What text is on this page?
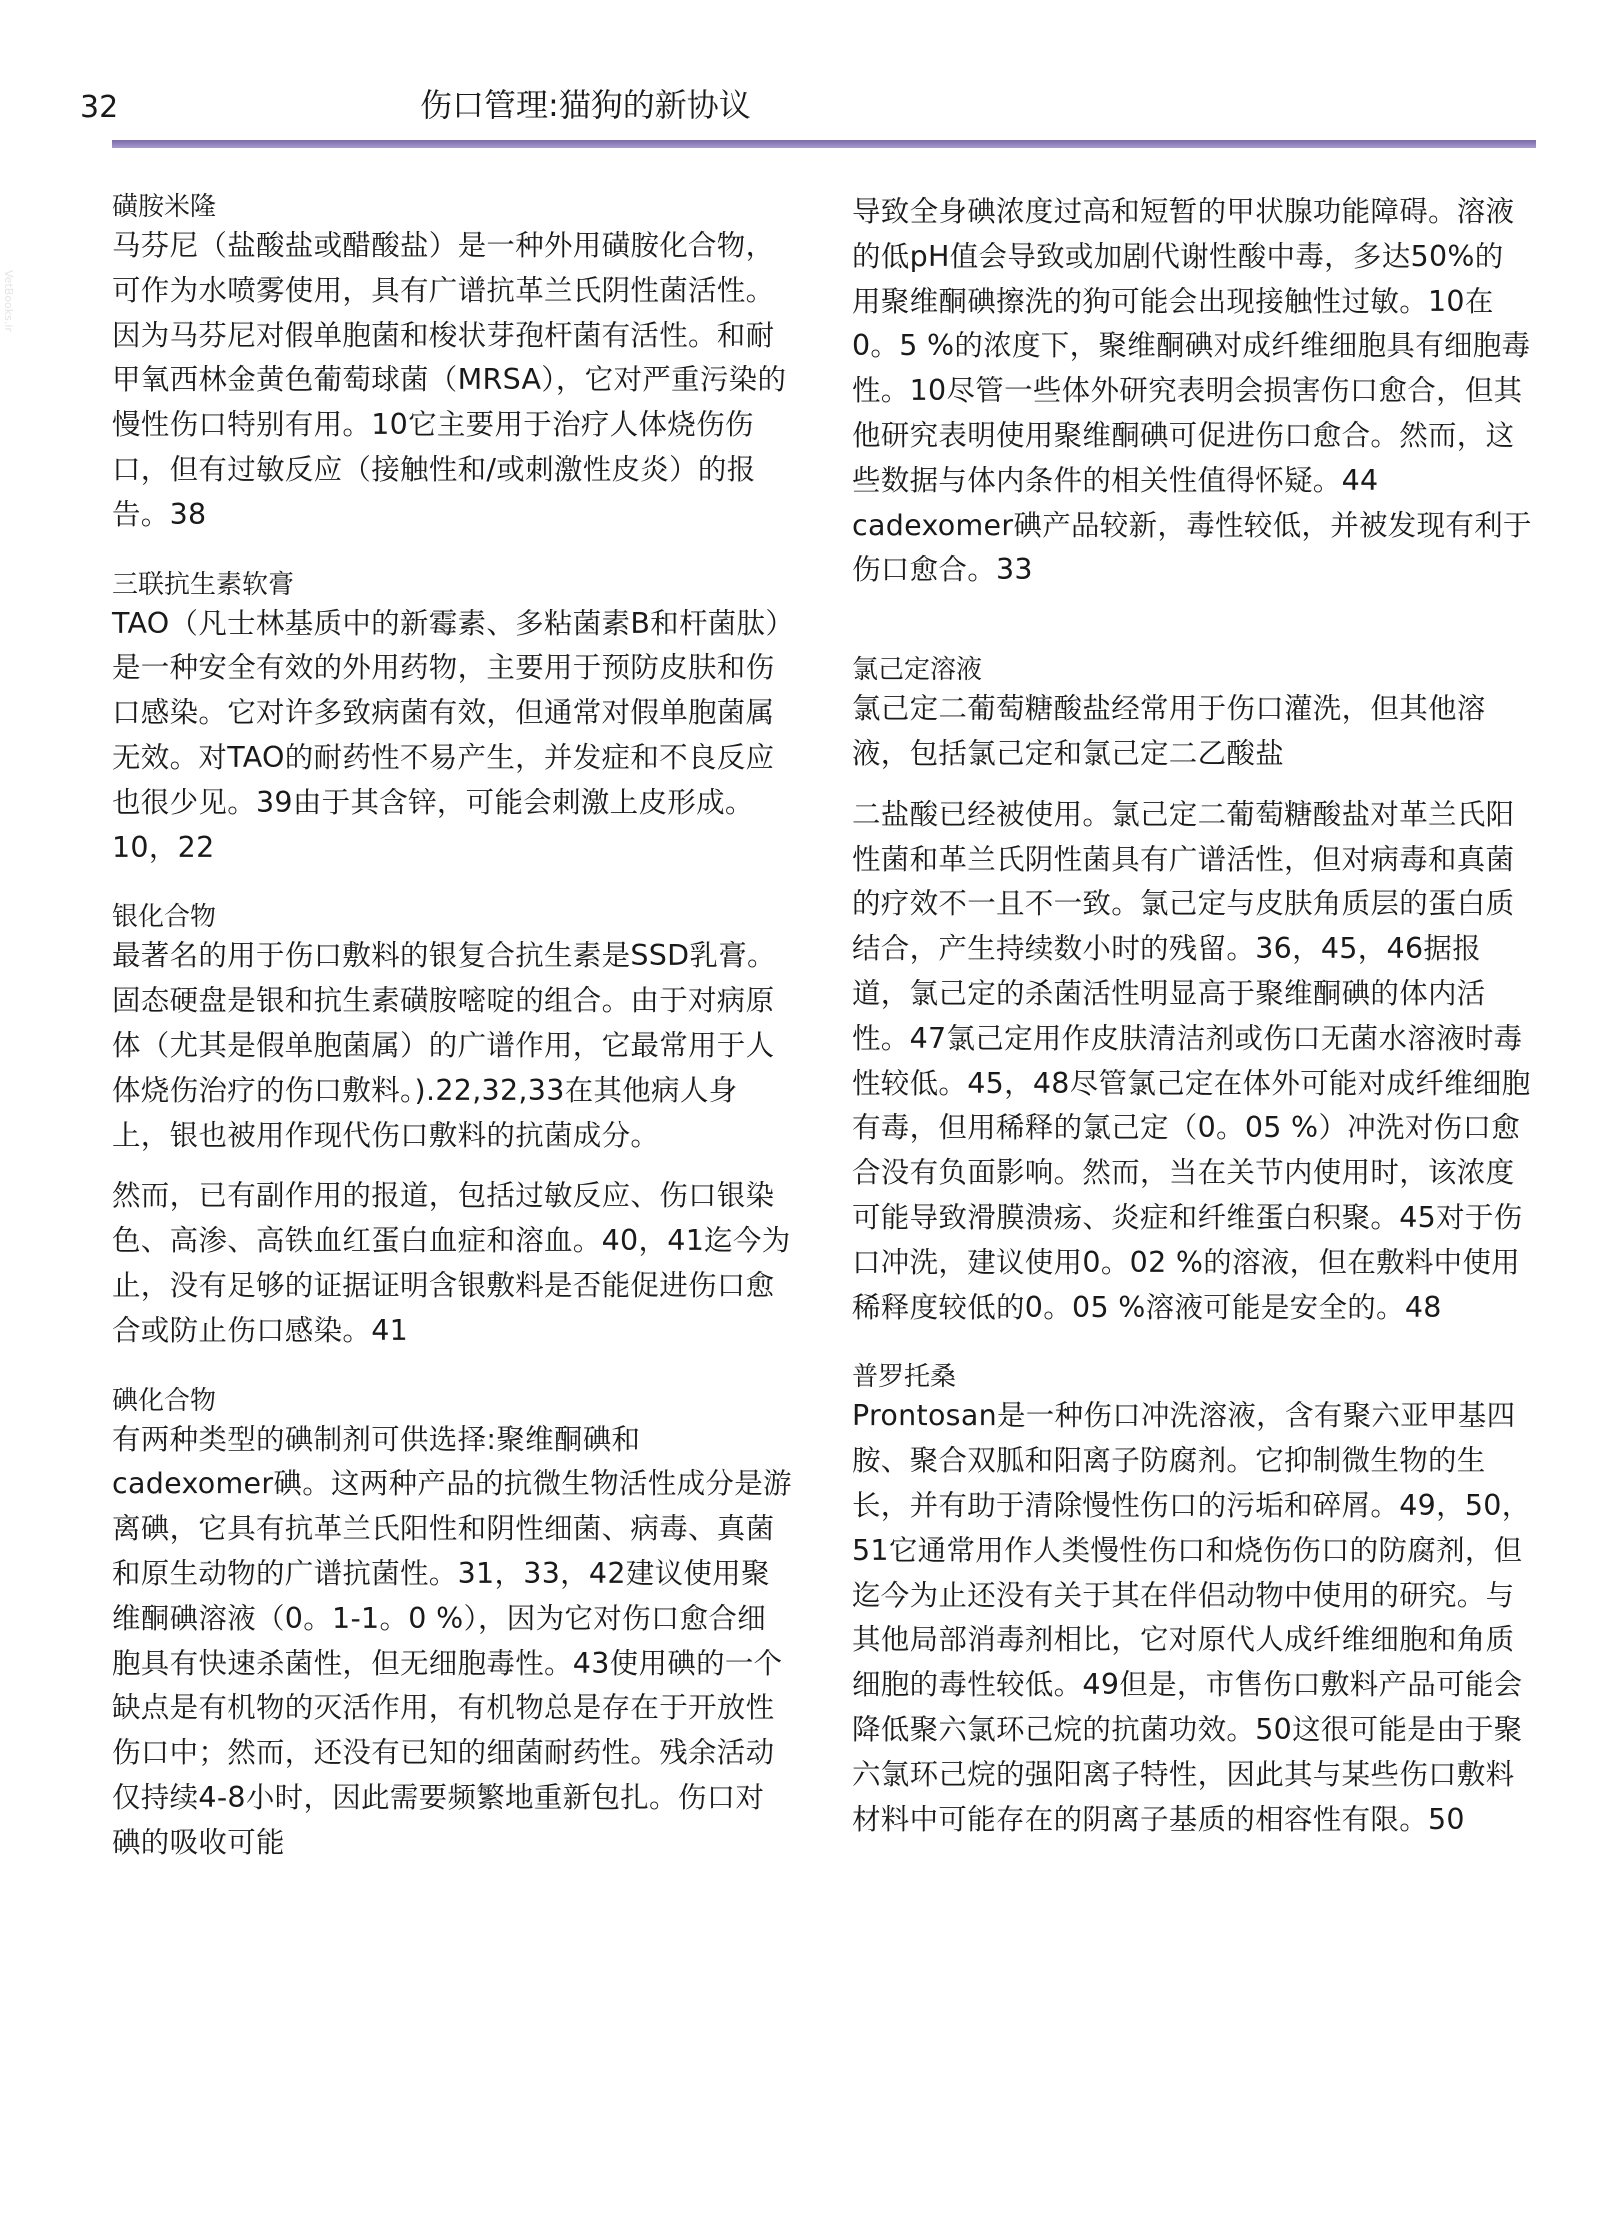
32	伤口管理:猫狗的新协议
VetBooks.ir
磺胺米隆

马芬尼（盐酸盐或醋酸盐）是一种外用磺胺化合物，可作为水喷雾使用，具有广谱抗革兰氏阴性菌活性。因为马芬尼对假单胞菌和梭状芽孢杆菌有活性。和耐甲氧西林金黄色葡萄球菌（MRSA），它对严重污染的慢性伤口特别有用。10它主要用于治疗人体烧伤伤口，但有过敏反应（接触性和/或刺激性皮炎）的报告。38

三联抗生素软膏

TAO（凡士林基质中的新霉素、多粘菌素B和杆菌肽）是一种安全有效的外用药物，主要用于预防皮肤和伤口感染。它对许多致病菌有效，但通常对假单胞菌属无效。对TAO的耐药性不易产生，并发症和不良反应也很少见。39由于其含锌，可能会刺激上皮形成。10，22

银化合物

最著名的用于伤口敷料的银复合抗生素是SSD乳膏。固态硬盘是银和抗生素磺胺嘧啶的组合。由于对病原体（尤其是假单胞菌属）的广谱作用，它最常用于人体烧伤治疗的伤口敷料。).22,32,33在其他病人身上，银也被用作现代伤口敷料的抗菌成分。

然而，已有副作用的报道，包括过敏反应、伤口银染色、高渗、高铁血红蛋白血症和溶血。40，41迄今为止，没有足够的证据证明含银敷料是否能促进伤口愈合或防止伤口感染。41

碘化合物

有两种类型的碘制剂可供选择:聚维酮碘和cadexomer碘。这两种产品的抗微生物活性成分是游离碘，它具有抗革兰氏阳性和阴性细菌、病毒、真菌和原生动物的广谱抗菌性。31，33，42建议使用聚维酮碘溶液（0。1-1。0 %），因为它对伤口愈合细胞具有快速杀菌性，但无细胞毒性。43使用碘的一个缺点是有机物的灭活作用，有机物总是存在于开放性伤口中；然而，还没有已知的细菌耐药性。残余活动仅持续4-8小时，因此需要频繁地重新包扎。伤口对碘的吸收可能

导致全身碘浓度过高和短暂的甲状腺功能障碍。溶液的低pH值会导致或加剧代谢性酸中毒，多达50%的用聚维酮碘擦洗的狗可能会出现接触性过敏。10在0。5 %的浓度下，聚维酮碘对成纤维细胞具有细胞毒性。10尽管一些体外研究表明会损害伤口愈合，但其他研究表明使用聚维酮碘可促进伤口愈合。然而，这些数据与体内条件的相关性值得怀疑。44 cadexomer碘产品较新，毒性较低，并被发现有利于伤口愈合。33

氯己定溶液

氯己定二葡萄糖酸盐经常用于伤口灌洗，但其他溶液，包括氯己定和氯己定二乙酸盐

二盐酸已经被使用。氯己定二葡萄糖酸盐对革兰氏阳性菌和革兰氏阴性菌具有广谱活性，但对病毒和真菌的疗效不一且不一致。氯己定与皮肤角质层的蛋白质结合，产生持续数小时的残留。36，45，46据报道，氯己定的杀菌活性明显高于聚维酮碘的体内活性。47氯己定用作皮肤清洁剂或伤口无菌水溶液时毒性较低。45，48尽管氯己定在体外可能对成纤维细胞有毒，但用稀释的氯己定（0。05 %）冲洗对伤口愈合没有负面影响。然而，当在关节内使用时，该浓度可能导致滑膜溃疡、炎症和纤维蛋白积聚。45对于伤口冲洗，建议使用0。02 %的溶液，但在敷料中使用稀释度较低的0。05 %溶液可能是安全的。48

普罗托桑

Prontosan是一种伤口冲洗溶液，含有聚六亚甲基四胺、聚合双胍和阳离子防腐剂。它抑制微生物的生长，并有助于清除慢性伤口的污垢和碎屑。49，50，51它通常用作人类慢性伤口和烧伤伤口的防腐剂，但迄今为止还没有关于其在伴侣动物中使用的研究。与其他局部消毒剂相比，它对原代人成纤维细胞和角质细胞的毒性较低。49但是，市售伤口敷料产品可能会降低聚六氯环己烷的抗菌功效。50这很可能是由于聚六氯环己烷的强阳离子特性，因此其与某些伤口敷料材料中可能存在的阴离子基质的相容性有限。50
